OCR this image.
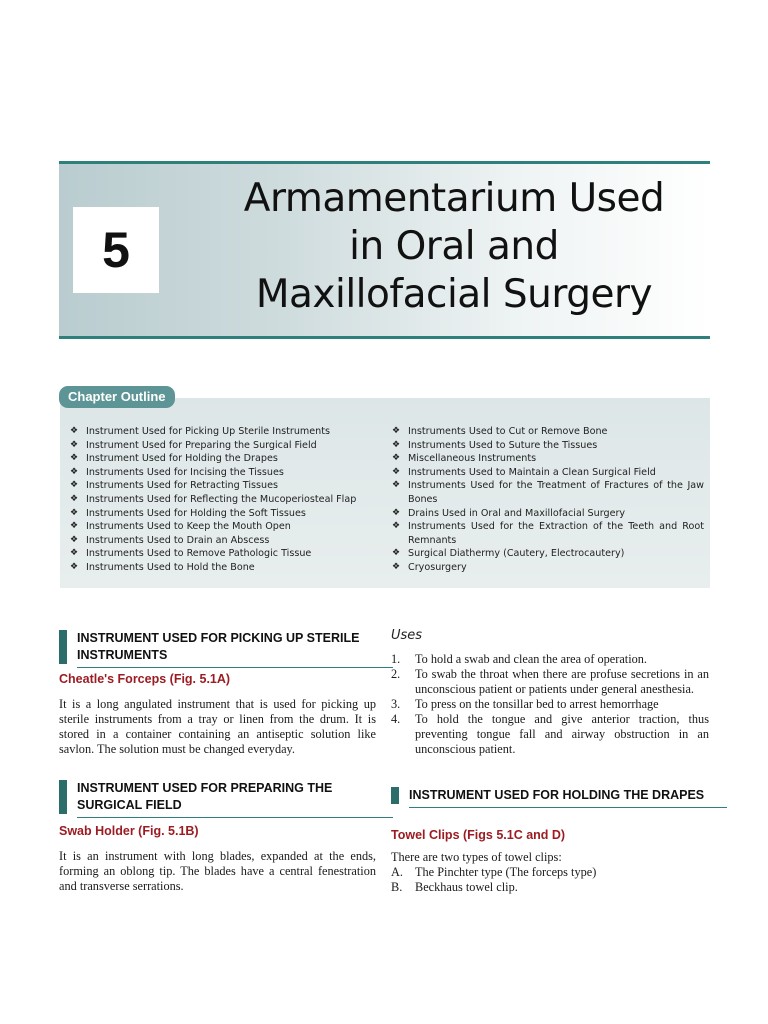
5
Armamentarium Used
in Oral and
Maxillofacial Surgery
Chapter Outline
❖ Instrument Used for Picking Up Sterile Instruments
❖ Instrument Used for Preparing the Surgical Field
❖ Instrument Used for Holding the Drapes
❖ Instruments Used for Incising the Tissues
❖ Instruments Used for Retracting Tissues
❖ Instruments Used for Reflecting the Mucoperiosteal Flap
❖ Instruments Used for Holding the Soft Tissues
❖ Instruments Used to Keep the Mouth Open
❖ Instruments Used to Drain an Abscess
❖ Instruments Used to Remove Pathologic Tissue
❖ Instruments Used to Hold the Bone
❖ Instruments Used to Cut or Remove Bone
❖ Instruments Used to Suture the Tissues
❖ Miscellaneous Instruments
❖ Instruments Used to Maintain a Clean Surgical Field
❖ Instruments Used for the Treatment of Fractures of the Jaw Bones
❖ Drains Used in Oral and Maxillofacial Surgery
❖ Instruments Used for the Extraction of the Teeth and Root Remnants
❖ Surgical Diathermy (Cautery, Electrocautery)
❖ Cryosurgery
INSTRUMENT USED FOR PICKING UP STERILE INSTRUMENTS
Cheatle's Forceps (Fig. 5.1A)
It is a long angulated instrument that is used for picking up sterile instruments from a tray or linen from the drum. It is stored in a container containing an antiseptic solution like savlon. The solution must be changed everyday.
INSTRUMENT USED FOR PREPARING THE SURGICAL FIELD
Swab Holder (Fig. 5.1B)
It is an instrument with long blades, expanded at the ends, forming an oblong tip. The blades have a central fenestration and transverse serrations.
Uses
1. To hold a swab and clean the area of operation.
2. To swab the throat when there are profuse secretions in an unconscious patient or patients under general anesthesia.
3. To press on the tonsillar bed to arrest hemorrhage
4. To hold the tongue and give anterior traction, thus preventing tongue fall and airway obstruction in an unconscious patient.
INSTRUMENT USED FOR HOLDING THE DRAPES
Towel Clips (Figs 5.1C and D)
There are two types of towel clips:
A. The Pinchter type (The forceps type)
B. Beckhaus towel clip.
